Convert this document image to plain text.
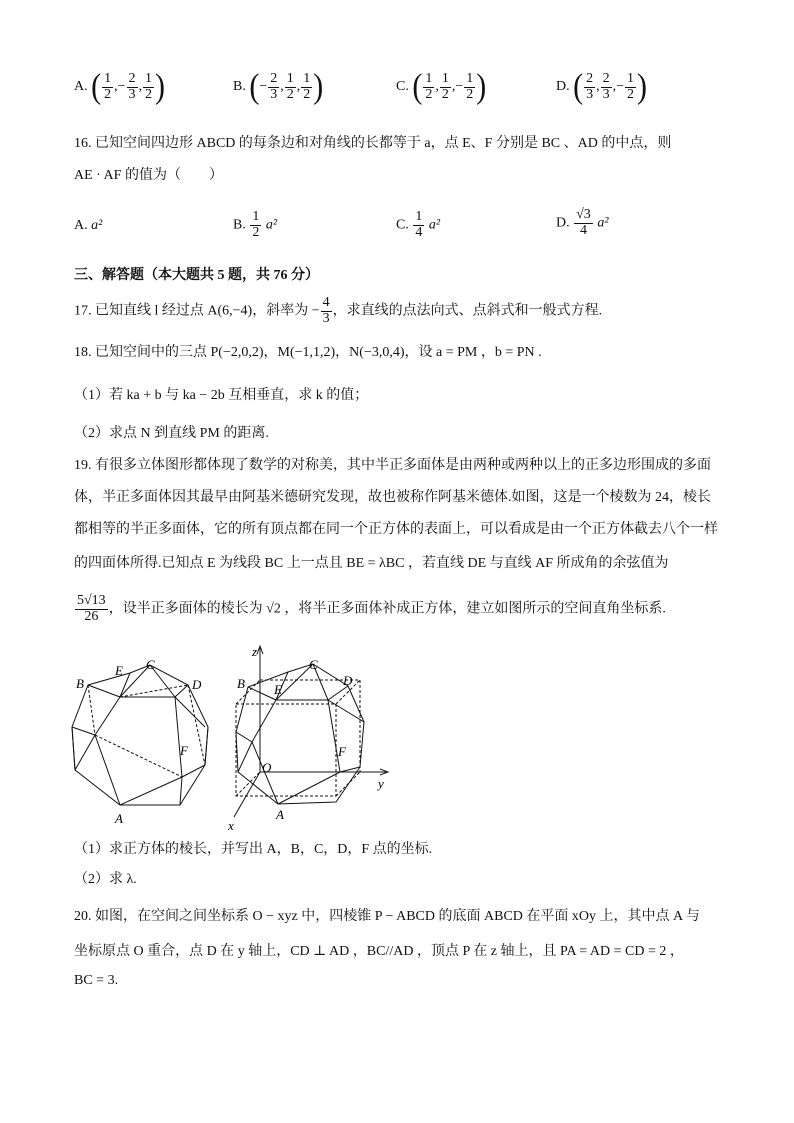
A. ( $\frac{1}{2}$ ,− $\frac{2}{3}$ , $\frac{1}{2}$ )	B. (− $\frac{2}{3}$ , $\frac{1}{2}$ , $\frac{1}{2}$ )	C. ( $\frac{1}{2}$ , $\frac{1}{2}$ ,− $\frac{1}{2}$ )	D. ( $\frac{2}{3}$ , $\frac{2}{3}$ ,− $\frac{1}{2}$ )
16. 已知空间四边形 ABCD 的每条边和对角线的长都等于 a，点 E、F 分别是 BC 、AD 的中点，则
AE · AF 的值为（　　）
A. a²	B. $\frac{1}{2} a^2$	C. $\frac{1}{4} a^2$	D. $\frac{√3}{4} a^2$
三、解答题（本大题共 5 题，共 76 分）
17. 已知直线 l 经过点 A(6,−4)，斜率为 − $\frac{4}{3}$ ，求直线的点法向式、点斜式和一般式方程.
18. 已知空间中的三点 P(−2,0,2)，M(−1,1,2)，N(−3,0,4)，设 a = PM ，b = PN .
（1）若 ka + b 与 ka − 2b 互相垂直，求 k 的值；
（2）求点 N 到直线 PM 的距离.
19. 有很多立体图形都体现了数学的对称美，其中半正多面体是由两种或两种以上的正多边形围成的多面
体，半正多面体因其最早由阿基米德研究发现，故也被称作阿基米德体.如图，这是一个棱数为 24，棱长
都相等的半正多面体，它的所有顶点都在同一个正方体的表面上，可以看成是由一个正方体截去八个一样
的四面体所得.已知点 E 为线段 BC 上一点且 BE = λBC ，若直线 DE 与直线 AF 所成角的余弦值为
$\frac{5√13}{26}$ ，设半正多面体的棱长为 √2 ，将半正多面体补成正方体，建立如图所示的空间直角坐标系.
B
E C
D
F
A
z
y
x
O
B E
C
D
F
A
（1）求正方体的棱长，并写出 A，B，C，D，F 点的坐标.
（2）求 λ.
20. 如图，在空间之间坐标系 O − xyz 中，四棱锥 P − ABCD 的底面 ABCD 在平面 xOy 上，其中点 A 与
坐标原点 O 重合，点 D 在 y 轴上，CD ⊥ AD ，BC//AD ，顶点 P 在 z 轴上，且 PA = AD = CD = 2 ，
BC = 3.
